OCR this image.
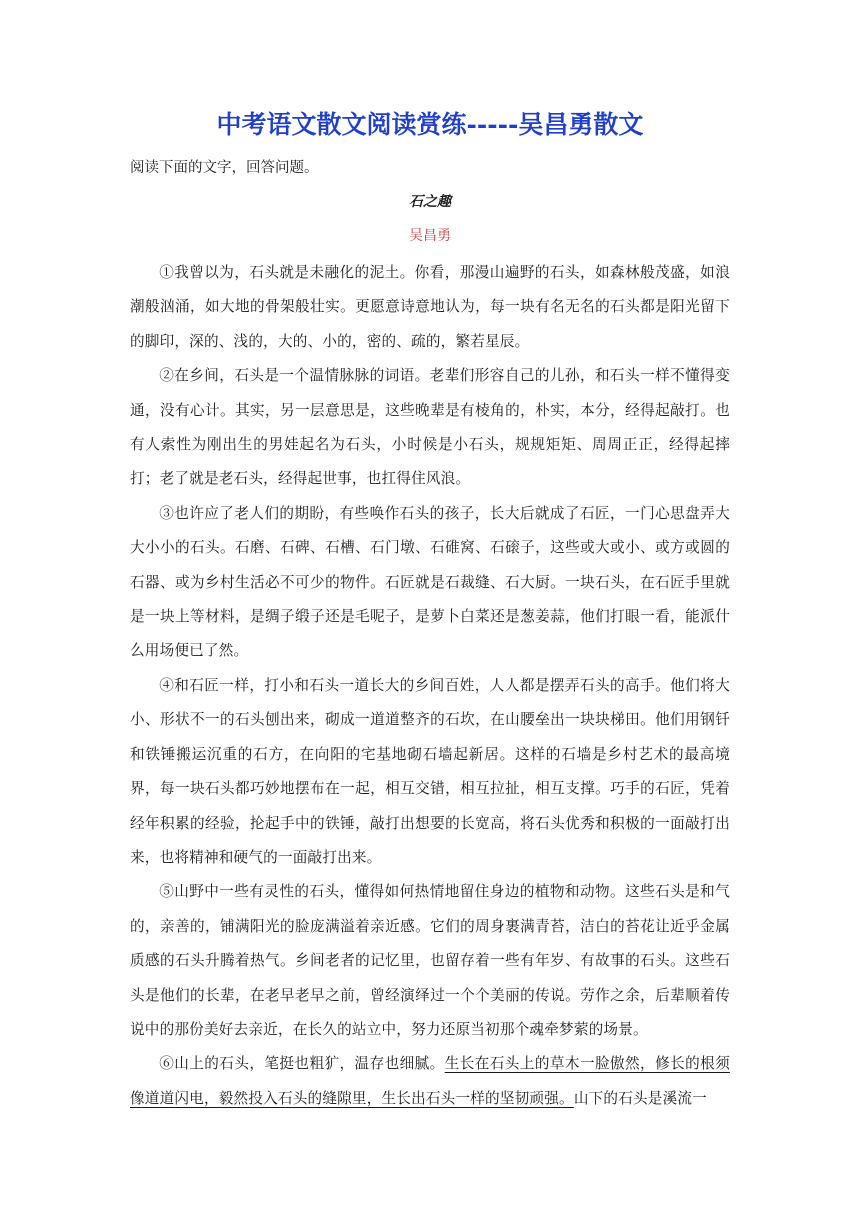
中考语文散文阅读赏练-----吴昌勇散文

阅读下面的文字，回答问题。

石之趣

吴昌勇

①我曾以为，石头就是未融化的泥土。你看，那漫山遍野的石头，如森林般茂盛，如浪潮般汹涌，如大地的骨架般壮实。更愿意诗意地认为，每一块有名无名的石头都是阳光留下的脚印，深的、浅的，大的、小的，密的、疏的，繁若星辰。

②在乡间，石头是一个温情脉脉的词语。老辈们形容自己的儿孙，和石头一样不懂得变通，没有心计。其实，另一层意思是，这些晚辈是有棱角的，朴实，本分，经得起敲打。也有人索性为刚出生的男娃起名为石头，小时候是小石头，规规矩矩、周周正正，经得起摔打；老了就是老石头，经得起世事，也扛得住风浪。

③也许应了老人们的期盼，有些唤作石头的孩子，长大后就成了石匠，一门心思盘弄大大小小的石头。石磨、石碑、石槽、石门墩、石碓窝、石磙子，这些或大或小、或方或圆的石器、或为乡村生活必不可少的物件。石匠就是石裁缝、石大厨。一块石头，在石匠手里就是一块上等材料，是绸子缎子还是毛呢子，是萝卜白菜还是葱姜蒜，他们打眼一看，能派什么用场便已了然。

④和石匠一样，打小和石头一道长大的乡间百姓，人人都是摆弄石头的高手。他们将大小、形状不一的石头刨出来，砌成一道道整齐的石坎，在山腰垒出一块块梯田。他们用钢钎和铁锤搬运沉重的石方，在向阳的宅基地砌石墙起新居。这样的石墙是乡村艺术的最高境界，每一块石头都巧妙地摆布在一起，相互交错，相互拉扯，相互支撑。巧手的石匠，凭着经年积累的经验，抡起手中的铁锤，敲打出想要的长宽高，将石头优秀和积极的一面敲打出来，也将精神和硬气的一面敲打出来。

⑤山野中一些有灵性的石头，懂得如何热情地留住身边的植物和动物。这些石头是和气的，亲善的，铺满阳光的脸庞满溢着亲近感。它们的周身裹满青苔，洁白的苔花让近乎金属质感的石头升腾着热气。乡间老者的记忆里，也留存着一些有年岁、有故事的石头。这些石头是他们的长辈，在老早老早之前，曾经演绎过一个个美丽的传说。劳作之余，后辈顺着传说中的那份美好去亲近，在长久的站立中，努力还原当初那个魂牵梦萦的场景。

⑥山上的石头，笔挺也粗犷，温存也细腻。生长在石头上的草木一脸傲然，修长的根须像道道闪电，毅然投入石头的缝隙里，生长出石头一样的坚韧顽强。山下的石头是溪流一
